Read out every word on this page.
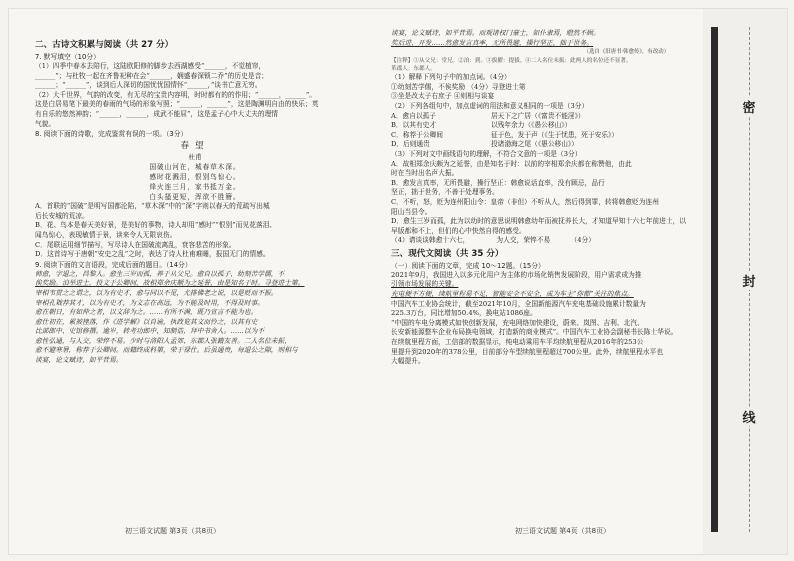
二、古诗文积累与阅读（共 27 分）
7. 默写填空（10分）
（1）四季中春本去陪行，这陆欧阳修的脚步去西湖感受“______，不觉植帘，
______”；与杜牧一起在齐鲁祀种在会“______，娴盛春深锁二乔”的历史是音；
______；“______”，谈到后人深切的国忧忧国情怀“______，”谈书亡意无穷。
（2）大千世界，气韵的改变，有无尽的宝贵内容明，时时都有的的作用；“______，______”。
这是白居易笔下最美的春雨的气场的形象写照；“______，______”，这是陶渊明自由的快乐；英
有自乐的悠然神韵；“______，______，成武不能屈”，这是孟子心中大丈夫的理情
气貌。
8. 阅读下面的诗歌，完成鉴赏有误的一项。（3分）
春望
杜甫
国破山河在，城春草木深。
感时花溅泪，恨别鸟惊心。
烽火连三月，家书抵万金。
白头搔更短，浑欲不胜簪。
A．首联的“国破”是明写国都沦陷，“草木深”中的“深”字则以春天的荒疏写出城
后长安城的荒凉。
B．花、鸟本是春天美好景，是美好的事物，诗人却用“感时”“恨别”而见花落泪、
闻鸟惊心，表现敏情于景，读来令人无限哀伤。
C．尾联运用细节描写，写尽诗人在国破流离乱，衰容悲苦的形象。
D．这首诗写于唐朝“安史之乱”之时，表达了诗人杜甫难睡，报国无门的情感。
9. 阅读下面的文言语段，完成后面的题目。（14分）
韩愈，字退之，昌黎人。愈生三岁而孤，养于从父兄。愈自以孤子，幼刻苦学儒，不
俟奖励。洎举进士，投文于公卿间，故相郑余庆颇为之延誉，由是知名于时。寻登进士第。
宰相韦贯之之谓之，以为有史才，愈与同以不见，尤排佛老之说，以是贬而不振。
宰相孔戣荐其才，以为有史才，为文志在高远，为不能及时用，不得及时事。
愈在朝日，有如仲之者，以文辞为之。……有所不满，既乃宣言不能为也。
愈仕初在，累被挫落，作《进学解》以自谕，执政览其文而怜之，以其有史
比部郎中、史馆修撰。逾岁，转考功郎中、知制诰，拜中书舍人。……以为不
愈性弘通，与人交，荣悴不易。少时与洛阳人孟郊、东郡人张籍友善。二人名位未振，
愈不避寒暑，称荐于公卿间。而籍终成科第，荣于禄仕。后虽通贵，每退公之隙，则相与
谈宴，论文赋诗，如平昔焉。
初三语文试题 第3页（共8页）
谈宴，论文赋诗，如平昔焉。而观诸权门豪士，如仆隶焉，瞪然不顾。
奖后进，开发……然愈发言真率，无所畏避，操行坚正，拙于世务。
（选自《旧唐书·韩愈传》，有改动）
【注释】①从父兄：堂兄。②洎：到。③拔擢：提拔。④二人名位未振：此两人的名位还不显著。
革郡人：东郡人。
（1）解释下列句子中的加点词。（4分）
①幼刻苦学儒，不俟奖励 （4分）寻登进士第
③坐是改太子右庶子 ④则相与谈宴
（2）下列各组句中，加点虚词的用法和意义相同的一项是（3分）
A．愈自以孤子	居天下之广居（《富贵不能淫》）
B．以其有史才	以残年余力（《愚公移山》）
C．称荐于公卿间	征于色，发于声（《生于忧患，死于安乐》）
D．后则通贵	投诸渤海之尾（《愚公移山》）
（3）下列对文中画线语句的理解，不符合文意的一项是（3分）
A．故相郑余庆颇为之延誉，由是知名于时：以前的宰相郑余庆都在称赞他，由此
时在当时出名声大振。
B．愈发言真率，无所畏避，操行坚正：韩愈说话直率，没有顾忌，品行
坚正，拙于世务，不善于处理事务。
C．不听，怒，贬为连州阳山令：皇帝（非但）不听从人，然后得到罪，转将韩愈贬为连州
阳山当县令。
D．愈生三岁而孤，此为以幼时的意思说明韩愈幼年而被抚养长大，才知道早知十六七年前进士，以
早版都和不上，但们的心中快然自得的感受。
（4）请谈谈韩愈十六七，    为人交，荣悴不易   （4分）
三、现代文阅读（共 35 分）
（一）阅读下面的文章，完成 10～12题。（15分）
2021年9月，我国进入以多元化用户为主体的市场化销售发展阶段，用户需求成为推
引领市场发展的关键。
充电便不方便，续航里程易不足，智能安全不安全，成为车主“你都”关注的焦点。
中国汽车工业协会统计，截至2021年10月，全国新能源汽车充电基础设施累计数量为
225.3万台，同比增加50.4%，换电站1086座。
“中国的车电分离模式如快创新发展，充电网络加快建设，蔚来、岚图、吉利、北汽、
长安新能源整车企业布局换电领域，打造新的商业模式”。中国汽车工业协会副秘书长陈士华说。
在续航里程方面，工信部的数据显示，纯电动乘用车平均续航里程从2016年的253公
里提升到2020年的378公里，目前部分车型续航里程超过700公里。此外，续航里程水平也
大幅提升。
初三语文试题 第4页（共8页）
密
封
线
